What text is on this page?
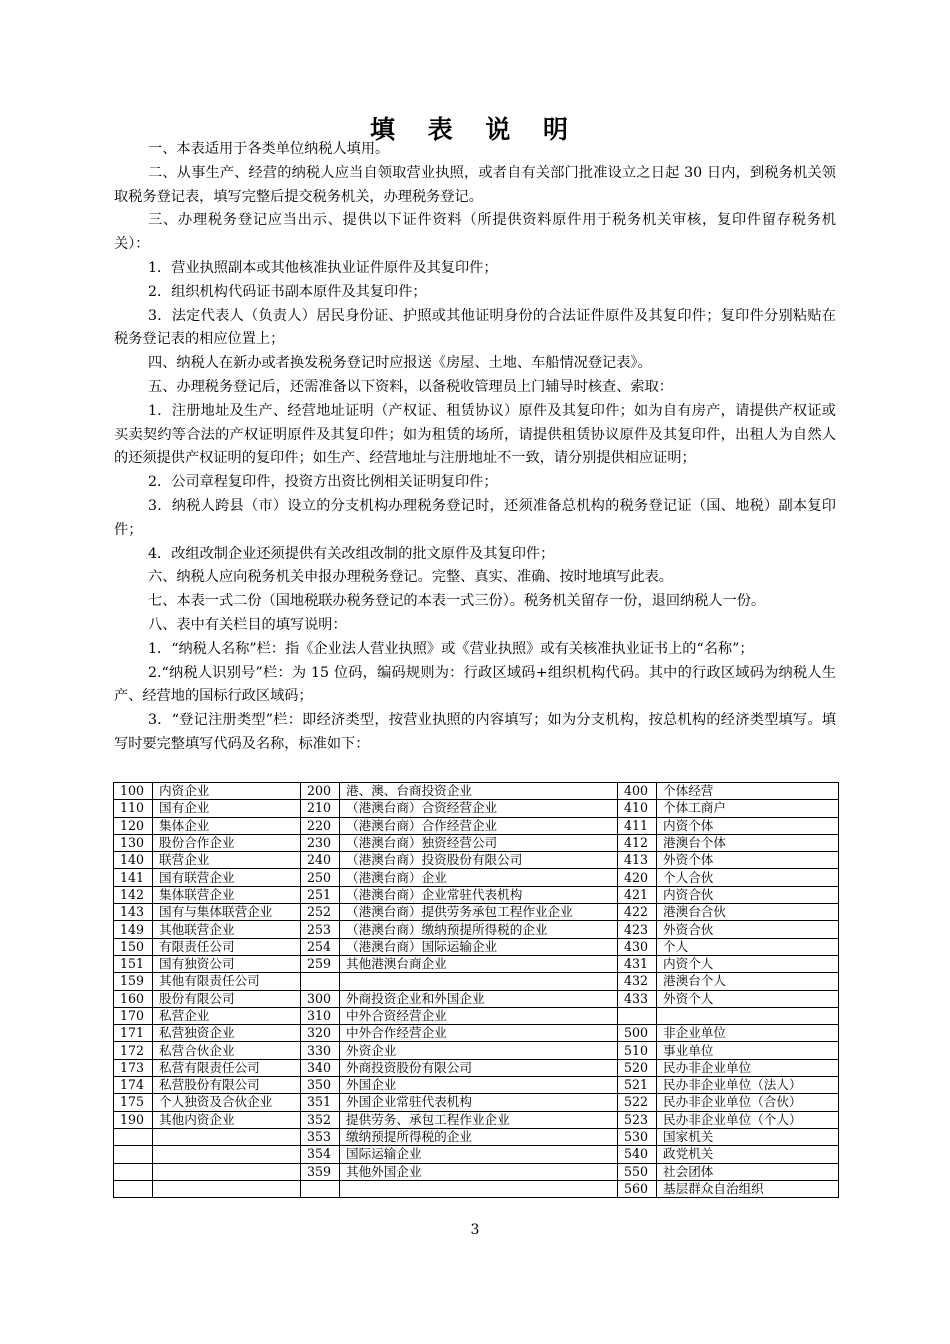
填 表 说 明

一、本表适用于各类单位纳税人填用。

二、从事生产、经营的纳税人应当自领取营业执照，或者自有关部门批准设立之日起 30 日内，到税务机关领取税务登记表，填写完整后提交税务机关，办理税务登记。

三、办理税务登记应当出示、提供以下证件资料（所提供资料原件用于税务机关审核，复印件留存税务机关）：

1．营业执照副本或其他核准执业证件原件及其复印件；

2．组织机构代码证书副本原件及其复印件；

3．法定代表人（负责人）居民身份证、护照或其他证明身份的合法证件原件及其复印件；复印件分别粘贴在税务登记表的相应位置上；

四、纳税人在新办或者换发税务登记时应报送《房屋、土地、车船情况登记表》。

五、办理税务登记后，还需准备以下资料，以备税收管理员上门辅导时核查、索取：

1．注册地址及生产、经营地址证明（产权证、租赁协议）原件及其复印件；如为自有房产，请提供产权证或买卖契约等合法的产权证明原件及其复印件；如为租赁的场所，请提供租赁协议原件及其复印件，出租人为自然人的还须提供产权证明的复印件；如生产、经营地址与注册地址不一致，请分别提供相应证明；

2．公司章程复印件，投资方出资比例相关证明复印件；

3．纳税人跨县（市）设立的分支机构办理税务登记时，还须准备总机构的税务登记证（国、地税）副本复印件；

4．改组改制企业还须提供有关改组改制的批文原件及其复印件；

六、纳税人应向税务机关申报办理税务登记。完整、真实、准确、按时地填写此表。

七、本表一式二份（国地税联办税务登记的本表一式三份）。税务机关留存一份，退回纳税人一份。

八、表中有关栏目的填写说明：

1．“纳税人名称”栏：指《企业法人营业执照》或《营业执照》或有关核准执业证书上的“名称”；

2.“纳税人识别号”栏：为 15 位码，编码规则为：行政区域码+组织机构代码。其中的行政区域码为纳税人生产、经营地的国标行政区域码；

3．“登记注册类型”栏：即经济类型，按营业执照的内容填写；如为分支机构，按总机构的经济类型填写。填写时要完整填写代码及名称，标准如下：

100	内资企业	200	港、澳、台商投资企业	400	个体经营
110	国有企业	210	（港澳台商）合资经营企业	410	个体工商户
120	集体企业	220	（港澳台商）合作经营企业	411	内资个体
130	股份合作企业	230	（港澳台商）独资经营公司	412	港澳台个体
140	联营企业	240	（港澳台商）投资股份有限公司	413	外资个体
141	国有联营企业	250	（港澳台商）企业	420	个人合伙
142	集体联营企业	251	（港澳台商）企业常驻代表机构	421	内资合伙
143	国有与集体联营企业	252	（港澳台商）提供劳务承包工程作业企业	422	港澳台合伙
149	其他联营企业	253	（港澳台商）缴纳预提所得税的企业	423	外资合伙
150	有限责任公司	254	（港澳台商）国际运输企业	430	个人
151	国有独资公司	259	其他港澳台商企业	431	内资个人
159	其他有限责任公司			432	港澳台个人
160	股份有限公司	300	外商投资企业和外国企业	433	外资个人
170	私营企业	310	中外合资经营企业		
171	私营独资企业	320	中外合作经营企业	500	非企业单位
172	私营合伙企业	330	外资企业	510	事业单位
173	私营有限责任公司	340	外商投资股份有限公司	520	民办非企业单位
174	私营股份有限公司	350	外国企业	521	民办非企业单位（法人）
175	个人独资及合伙企业	351	外国企业常驻代表机构	522	民办非企业单位（合伙）
190	其他内资企业	352	提供劳务、承包工程作业企业	523	民办非企业单位（个人）
		353	缴纳预提所得税的企业	530	国家机关
		354	国际运输企业	540	政党机关
		359	其他外国企业	550	社会团体
				560	基层群众自治组织
3
